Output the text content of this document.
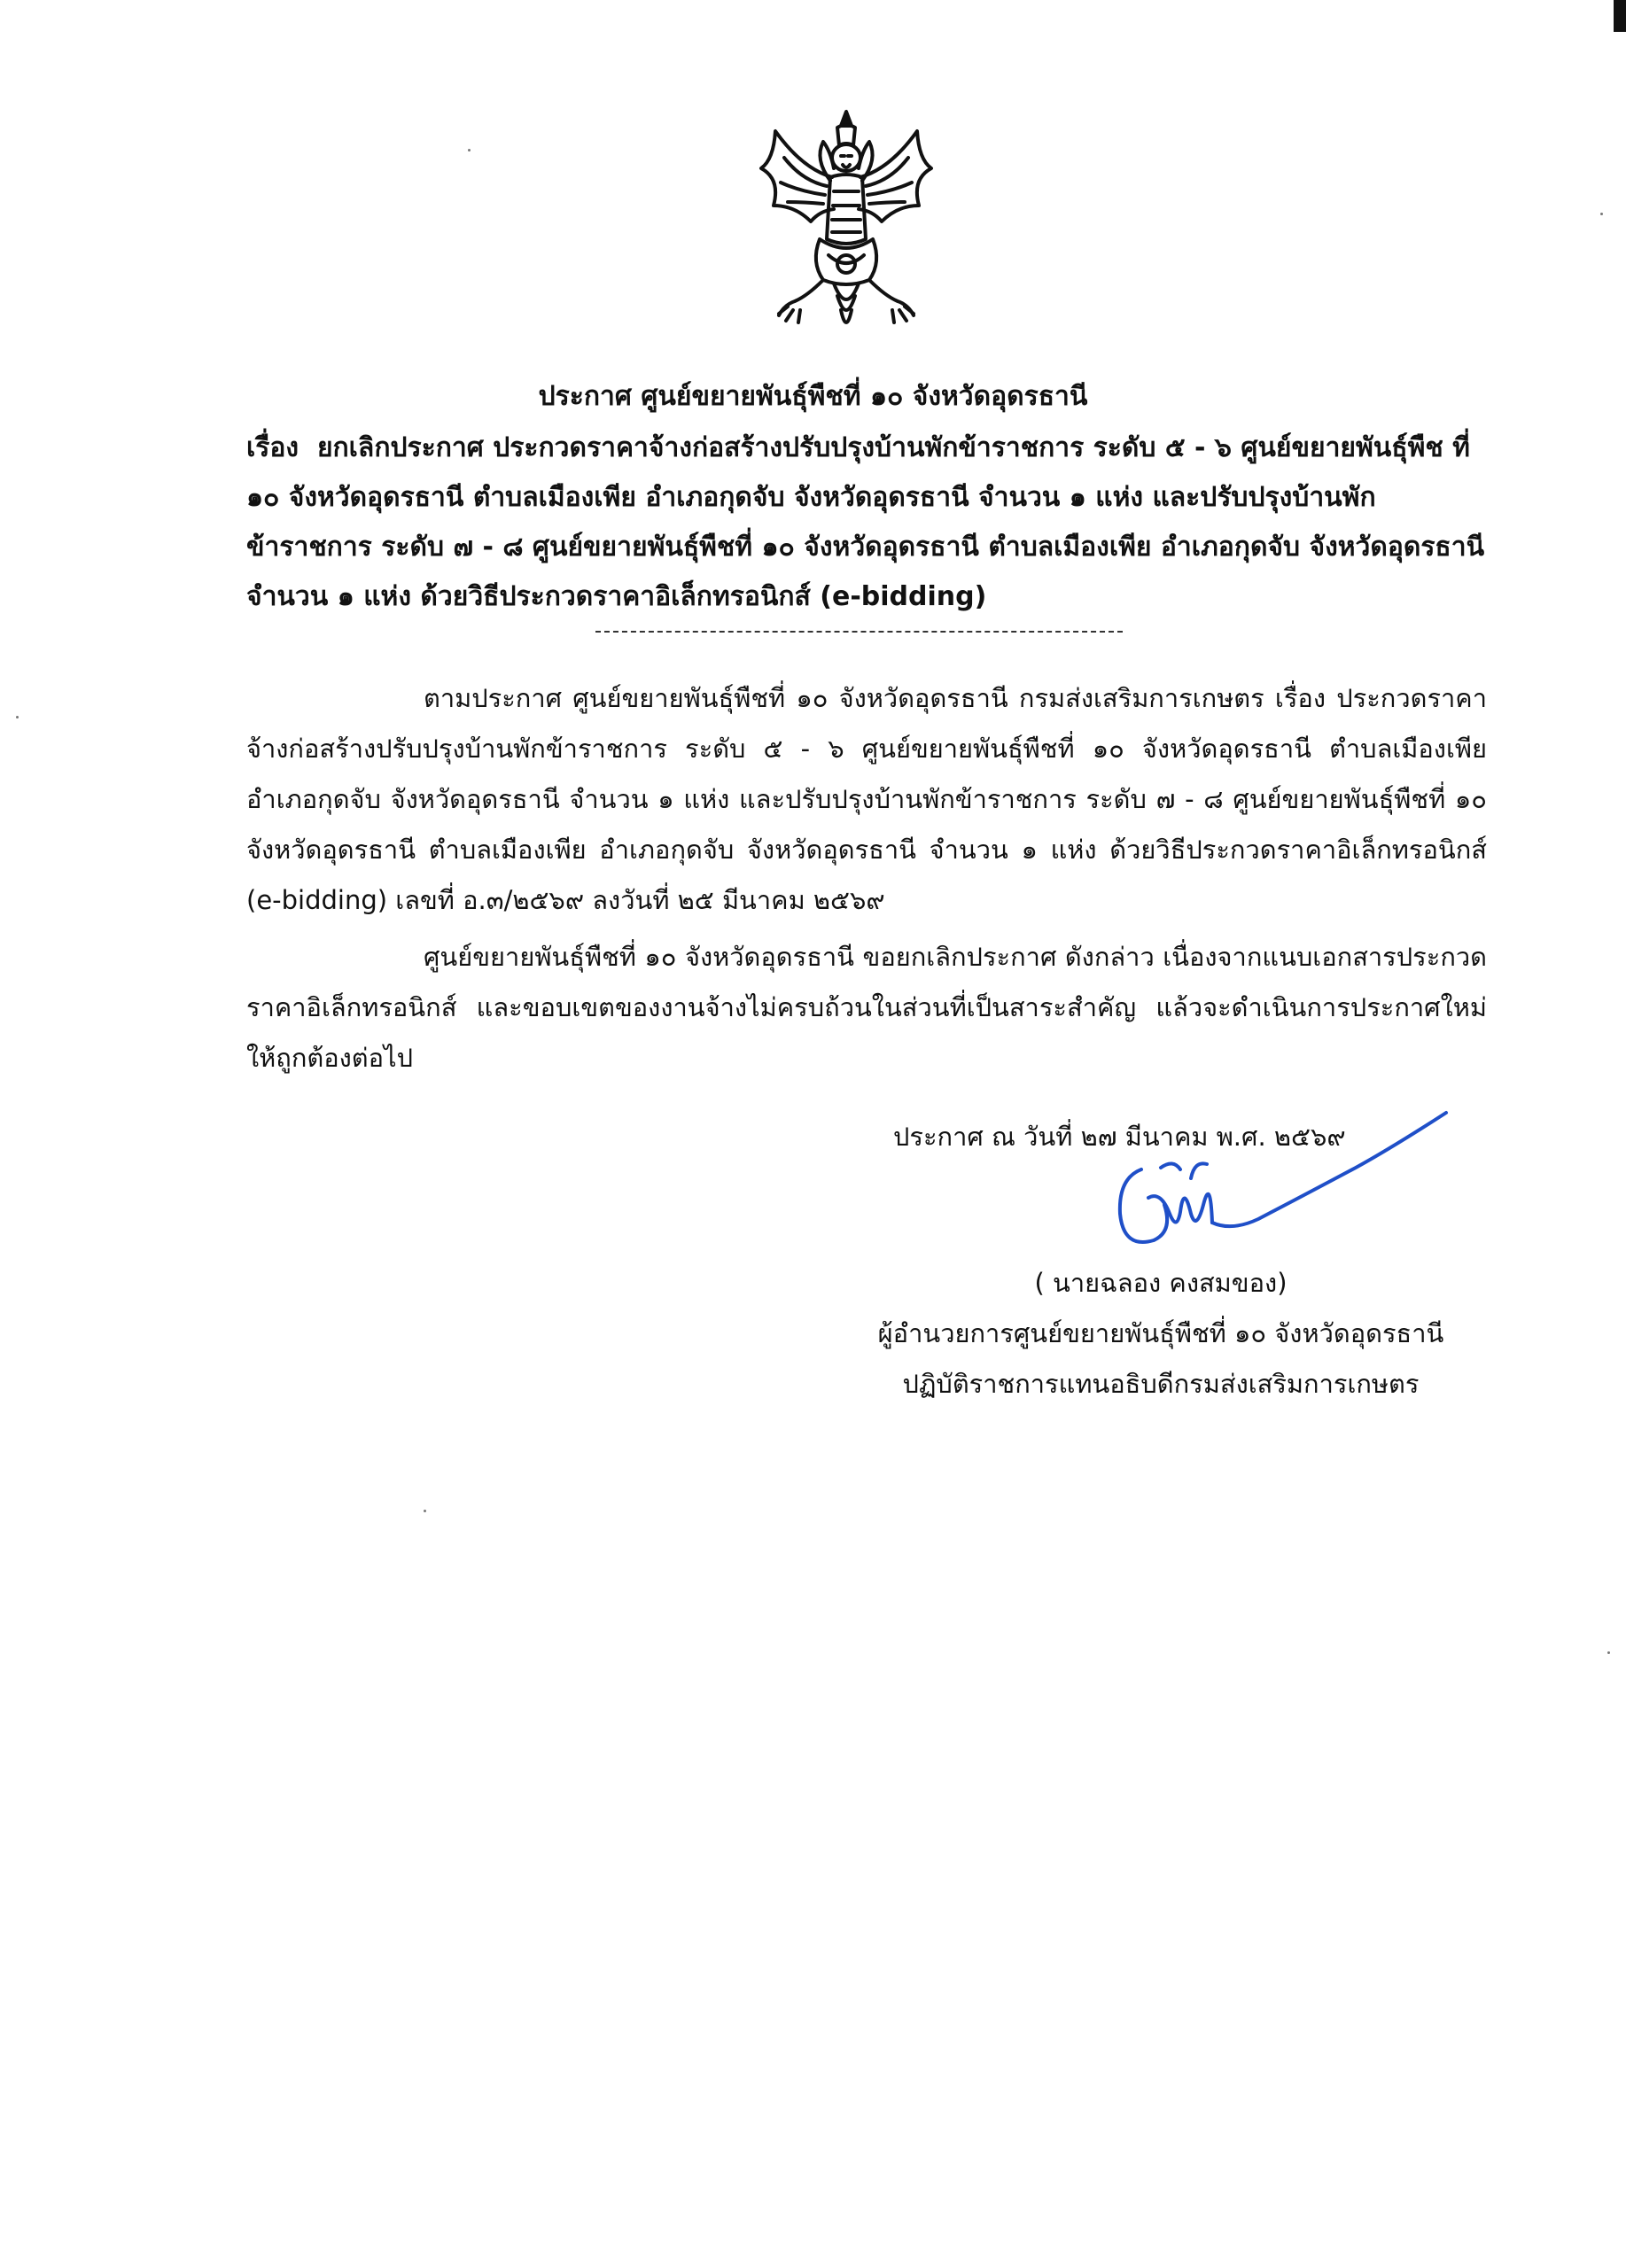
ประกาศ ศูนย์ขยายพันธุ์พืชที่ ๑๐ จังหวัดอุดรธานี
เรื่อง ยกเลิกประกาศ ประกวดราคาจ้างก่อสร้างปรับปรุงบ้านพักข้าราชการ ระดับ ๕ - ๖ ศูนย์ขยายพันธุ์พืช ที่ ๑๐ จังหวัดอุดรธานี ตำบลเมืองเพีย อำเภอกุดจับ จังหวัดอุดรธานี จำนวน ๑ แห่ง และปรับปรุงบ้านพักข้าราชการ ระดับ ๗ - ๘ ศูนย์ขยายพันธุ์พืชที่ ๑๐ จังหวัดอุดรธานี ตำบลเมืองเพีย อำเภอกุดจับ จังหวัดอุดรธานี จำนวน ๑ แห่ง ด้วยวิธีประกวดราคาอิเล็กทรอนิกส์ (e-bidding)
ตามประกาศ ศูนย์ขยายพันธุ์พืชที่ ๑๐ จังหวัดอุดรธานี กรมส่งเสริมการเกษตร เรื่อง ประกวดราคาจ้างก่อสร้างปรับปรุงบ้านพักข้าราชการ ระดับ ๕ - ๖ ศูนย์ขยายพันธุ์พืชที่ ๑๐ จังหวัดอุดรธานี ตำบลเมืองเพีย อำเภอกุดจับ จังหวัดอุดรธานี จำนวน ๑ แห่ง และปรับปรุงบ้านพักข้าราชการ ระดับ ๗ - ๘ ศูนย์ขยายพันธุ์พืชที่ ๑๐ จังหวัดอุดรธานี ตำบลเมืองเพีย อำเภอกุดจับ จังหวัดอุดรธานี จำนวน ๑ แห่ง ด้วยวิธีประกวดราคาอิเล็กทรอนิกส์ (e-bidding) เลขที่ อ.๓/๒๕๖๙ ลงวันที่ ๒๕ มีนาคม ๒๕๖๙
ศูนย์ขยายพันธุ์พืชที่ ๑๐ จังหวัดอุดรธานี ขอยกเลิกประกาศ ดังกล่าว เนื่องจากแนบเอกสารประกวดราคาอิเล็กทรอนิกส์ และขอบเขตของงานจ้างไม่ครบถ้วนในส่วนที่เป็นสาระสำคัญ แล้วจะดำเนินการประกาศใหม่ให้ถูกต้องต่อไป
ประกาศ ณ วันที่ ๒๗ มีนาคม พ.ศ. ๒๕๖๙
( นายฉลอง คงสมของ)
ผู้อำนวยการศูนย์ขยายพันธุ์พืชที่ ๑๐ จังหวัดอุดรธานี
ปฏิบัติราชการแทนอธิบดีกรมส่งเสริมการเกษตร
